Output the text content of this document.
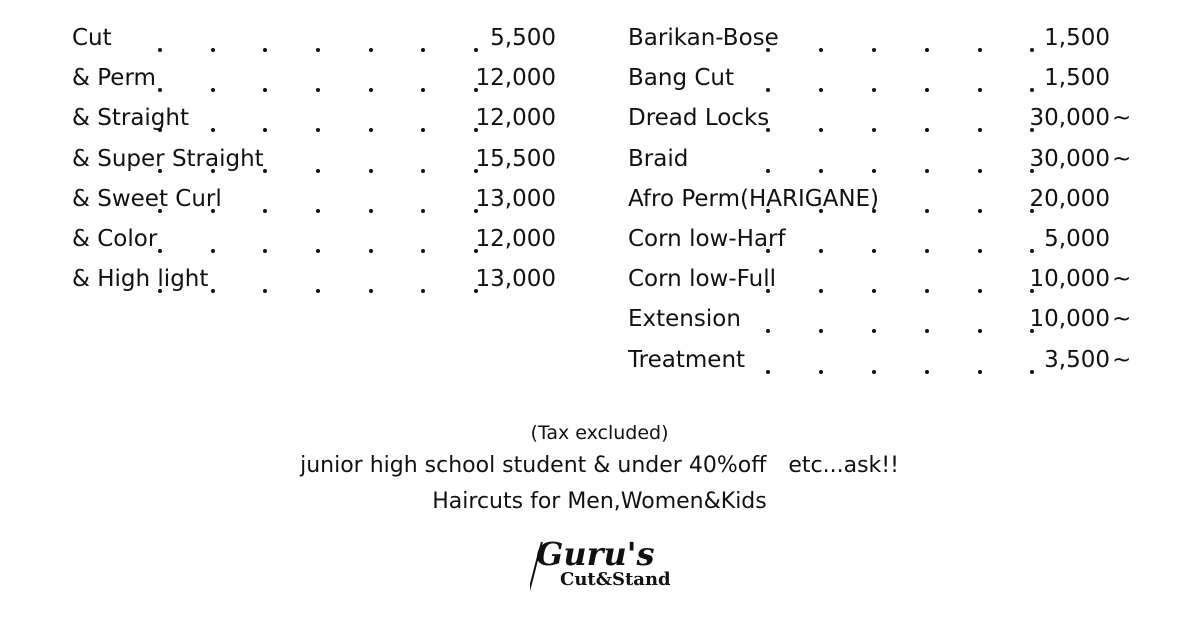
Cut	5,500
& Perm	12,000
& Straight	12,000
& Super Straight	15,500
& Sweet Curl	13,000
& Color	12,000
& High light	13,000
Barikan-Bose	1,500
Bang Cut	1,500
Dread Locks	30,000 ~
Braid	30,000 ~
Afro Perm(HARIGANE)	20,000
Corn low-Harf	5,000
Corn low-Full	10,000 ~
Extension	10,000 ~
Treatment	3,500 ~
(Tax excluded)
junior high school student & under 40%off etc...ask!!
Haircuts for Men,Women&Kids
Guru's
Cut&Stand
